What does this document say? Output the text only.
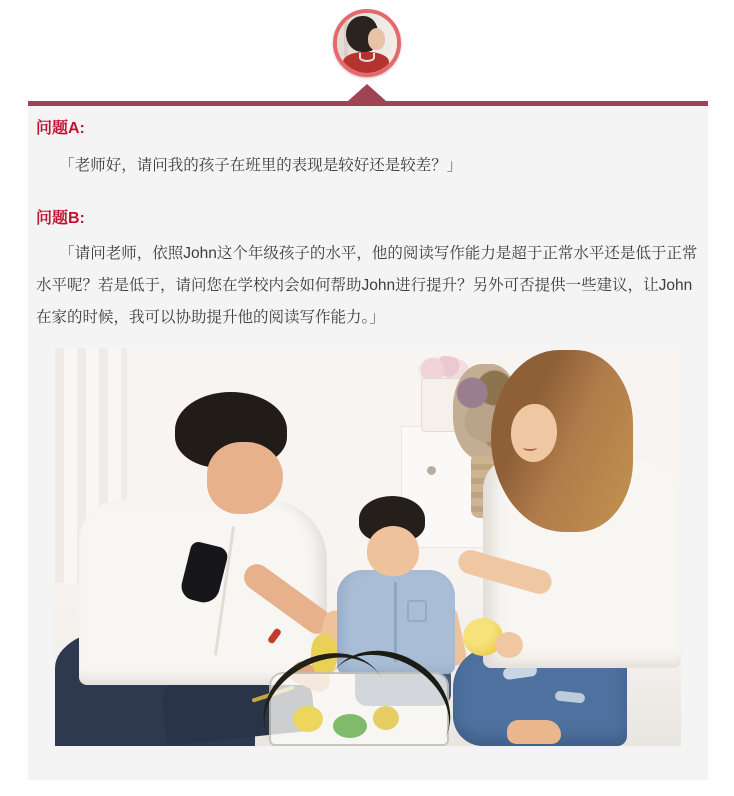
问题A:

「老师好，请问我的孩子在班里的表现是较好还是较差？」

问题B:

「请问老师，依照John这个年级孩子的水平，他的阅读写作能力是超于正常水平还是低于正常水平呢？若是低于，请问您在学校内会如何帮助John进行提升？另外可否提供一些建议，让John在家的时候，我可以协助提升他的阅读写作能力。」
